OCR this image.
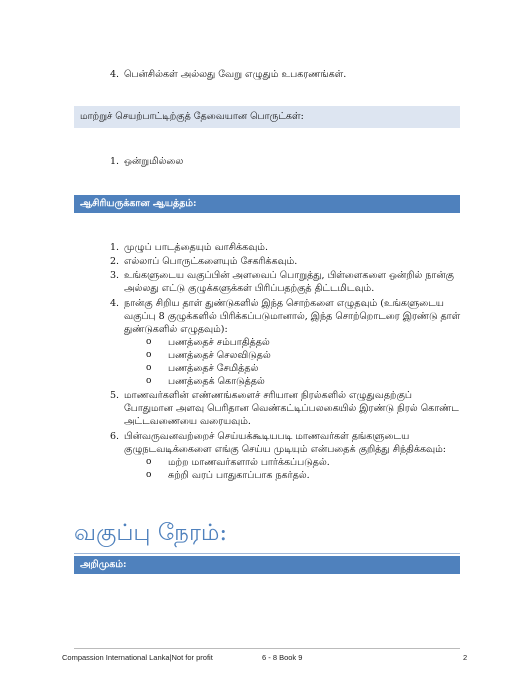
4. பென்சில்கள் அல்லது வேறு எழுதும் உபகரணங்கள்.
மாற்றுச் செயற்பாட்டிற்குத் தேவையான பொருட்கள்:
1. ஒன்றுமில்லை
ஆசிரியருக்கான ஆயத்தம்:
1. முழுப் பாடத்தையும் வாசிக்கவும்.
2. எல்லாப் பொருட்களையும் சேகரிக்கவும்.
3. உங்களுடைய வகுப்பின் அளவைப் பொறுத்து, பிள்ளைகளை ஒன்றில் நான்கு
அல்லது எட்டு குழுக்களுக்கள் பிரிப்பதற்குத் திட்டமிடவும்.
4. நான்கு சிறிய தாள் துண்டுகளில் இந்த சொற்களை எழுதவும் (உங்களுடைய
வகுப்பு 8 குழுக்களில் பிரிக்கப்படுமானால், இந்த சொற்றொடரை இரண்டு தாள்
துண்டுகளில் எழுதவும்):
o பணத்தைச் சம்பாதித்தல்
o பணத்தைச் செலவிடுதல்
o பணத்தைச் சேமித்தல்
o பணத்தைக் கொடுத்தல்
5. மாணவர்களின் எண்ணங்களைச் சரியான நிரல்களில் எழுதுவதற்குப்
போதுமான அளவு பெரிதான வெண்கட்டிப்பலகையில் இரண்டு நிரல் கொண்ட
அட்டவணையை வரையவும்.
6. பின்வருவனவற்றைச் செய்யக்கூடியபடி மாணவர்கள் தங்களுடைய
குழுநடவடிக்கைளை எங்கு செய்ய முடியும் என்பதைக் குறித்து சிந்திக்கவும்:
o மற்ற மாணவர்களால் பார்க்கப்படுதல்.
o சுற்றி வரப் பாதுகாப்பாக நகர்தல்.
வகுப்பு நேரம்:
அறிமுகம்:
Compassion International Lanka|Not for profit	6 - 8 Book 9	2
